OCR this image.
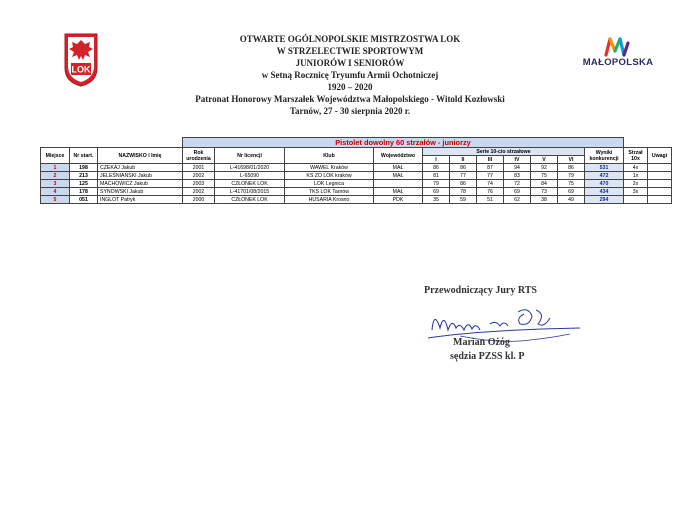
LOK
MAŁOPOLSKA
OTWARTE OGÓLNOPOLSKIE MISTRZOSTWA LOK
W STRZELECTWIE SPORTOWYM
JUNIORÓW I SENIORÓW
w Setną Rocznicę Tryumfu Armii Ochotniczej
1920 – 2020
Patronat Honorowy Marszałek Województwa Małopolskiego - Witold Kozłowski
Tarnów, 27 - 30 sierpnia 2020 r.
			Pistolet dowolny 60 strzałów - juniorzy												
Miejsce	Nr start.	NAZWISKO i Imię	Rok urodzenia	Nr licencji	Klub	Województwo	Serie 10-cio strzałowe						Wyniki konkurencji	Strzał 10x	Uwagi
							I	II	III	IV	V	VI			
1	198	CZEKAJ Jakub	2001	L-41698/01/2020	WAWEL Kraków	MAŁ	86	86	87	94	92	86	531	4x	
2	213	JELEŚNIAŃSKI Jakub	2002	L-65090	KS ZO LOK kraków	MAŁ	81	77	77	83	75	79	472	1x	
3	125	MACHOWICZ Jakub	2003	CZŁONEK LOK	LOK Legnica		79	86	74	72	84	75	470	2x	
4	178	SYNOWSKI Jakub	2002	L-41701/08/2015	TKS LOK Tarnów	MAŁ	69	78	76	69	73	69	434	3x	
5	051	INGLOT Patryk	2000	CZŁONEK LOK	HUSARIA Krosno	PDK	35	59	51	62	38	49	294		
Przewodniczący Jury RTS
Marian Ożóg
sędzia PZSS kl. P
